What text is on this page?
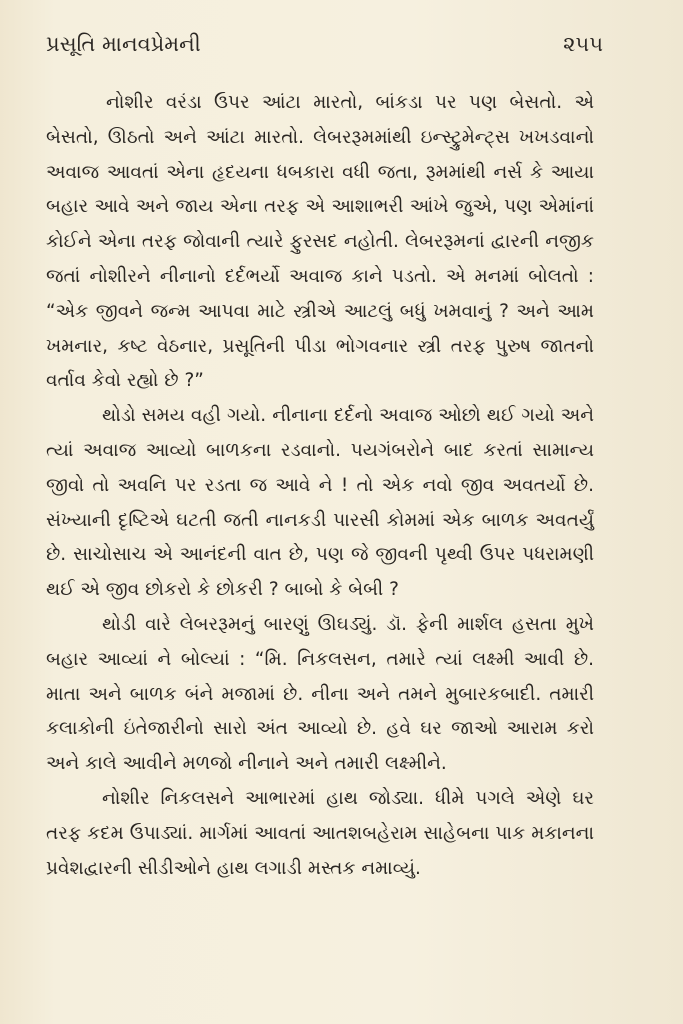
પ્રસૂતિ માનવપ્રેમની	૨૫૫

નોશીર વરંડા ઉપર આંટા મારતો, બાંકડા પર પણ બેસતો. એ બેસતો, ઊઠતો અને આંટા મારતો. લેબરરૂમમાંથી ઇન્સ્ટ્રુમેન્ટ્સ ખખડવાનો અવાજ આવતાં એના હૃદયના ધબકારા વધી જતા, રૂમમાંથી નર્સ કે આયા બહાર આવે અને જાય એના તરફ એ આશાભરી આંખે જુએ, પણ એમાંનાં કોઈને એના તરફ જોવાની ત્યારે ફુરસદ નહોતી. લેબરરૂમનાં દ્વારની નજીક જતાં નોશીરને નીનાનો દર્દભર્યો અવાજ કાને પડતો. એ મનમાં બોલતો : “એક જીવને જન્મ આપવા માટે સ્ત્રીએ આટલું બધું ખમવાનું ? અને આમ ખમનાર, કષ્ટ વેઠનાર, પ્રસૂતિની પીડા ભોગવનાર સ્ત્રી તરફ પુરુષ જાતનો વર્તાવ કેવો રહ્યો છે ?”

થોડો સમય વહી ગયો. નીનાના દર્દનો અવાજ ઓછો થઈ ગયો અને ત્યાં અવાજ આવ્યો બાળકના રડવાનો. પયગંબરોને બાદ કરતાં સામાન્ય જીવો તો અવનિ પર રડતા જ આવે ને ! તો એક નવો જીવ અવતર્યો છે. સંખ્યાની દૃષ્ટિએ ઘટતી જતી નાનકડી પારસી કોમમાં એક બાળક અવતર્યું છે. સાચોસાચ એ આનંદની વાત છે, પણ જે જીવની પૃથ્વી ઉપર પધરામણી થઈ એ જીવ છોકરો કે છોકરી ? બાબો કે બેબી ?

થોડી વારે લેબરરૂમનું બારણું ઊઘડ્યું. ડૉ. ફેની માર્શલ હસતા મુખે બહાર આવ્યાં ને બોલ્યાં : “મિ. નિકલસન, તમારે ત્યાં લક્ષ્મી આવી છે. માતા અને બાળક બંને મજામાં છે. નીના અને તમને મુબારકબાદી. તમારી કલાકોની ઇંતેજારીનો સારો અંત આવ્યો છે. હવે ઘર જાઓ આરામ કરો અને કાલે આવીને મળજો નીનાને અને તમારી લક્ષ્મીને.

નોશીર નિકલસને આભારમાં હાથ જોડ્યા. ધીમે પગલે એણે ઘર તરફ કદમ ઉપાડ્યાં. માર્ગમાં આવતાં આતશબહેરામ સાહેબના પાક મકાનના પ્રવેશદ્વારની સીડીઓને હાથ લગાડી મસ્તક નમાવ્યું.
